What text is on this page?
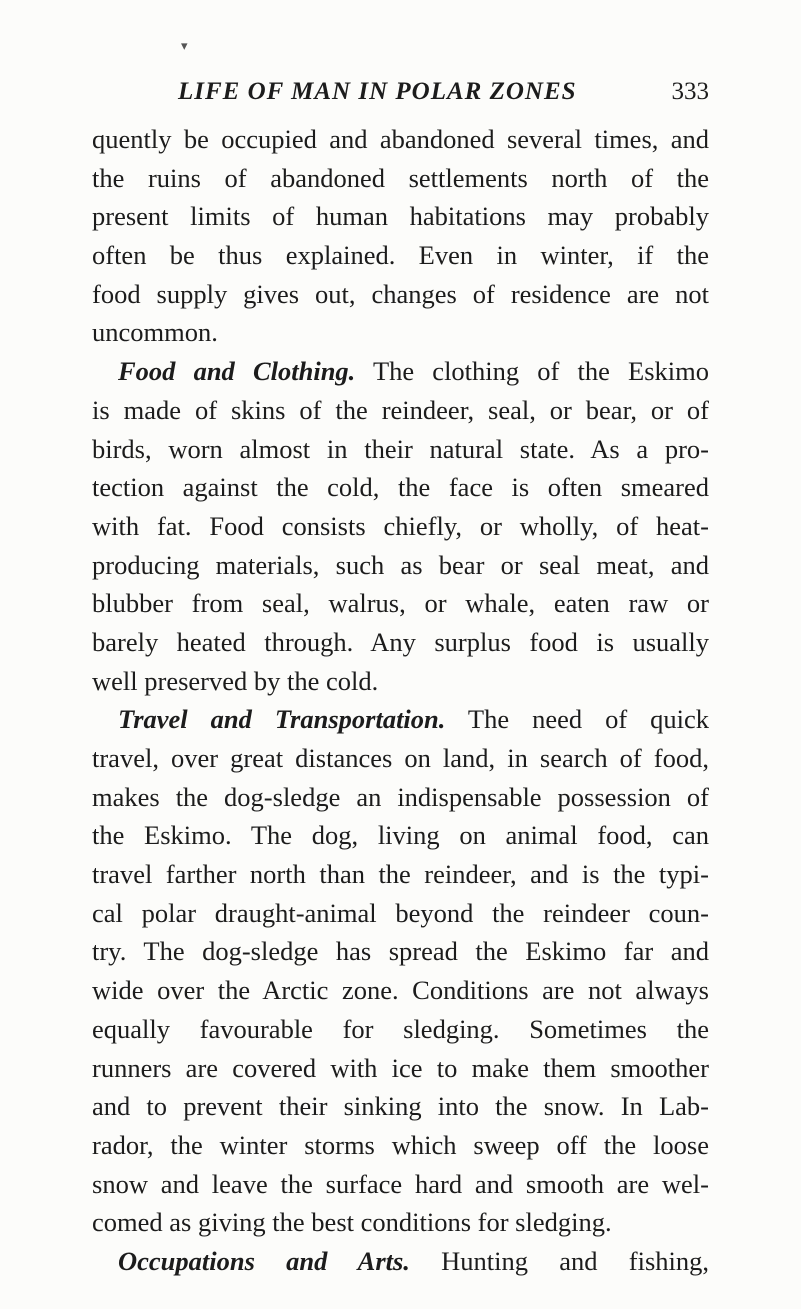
▾
LIFE OF MAN IN POLAR ZONES	333
quently be occupied and abandoned several times, and
the ruins of abandoned settlements north of the
present limits of human habitations may probably
often be thus explained. Even in winter, if the
food supply gives out, changes of residence are not
uncommon.
Food and Clothing. The clothing of the Eskimo
is made of skins of the reindeer, seal, or bear, or of
birds, worn almost in their natural state. As a pro-
tection against the cold, the face is often smeared
with fat. Food consists chiefly, or wholly, of heat-
producing materials, such as bear or seal meat, and
blubber from seal, walrus, or whale, eaten raw or
barely heated through. Any surplus food is usually
well preserved by the cold.
Travel and Transportation. The need of quick
travel, over great distances on land, in search of food,
makes the dog-sledge an indispensable possession of
the Eskimo. The dog, living on animal food, can
travel farther north than the reindeer, and is the typi-
cal polar draught-animal beyond the reindeer coun-
try. The dog-sledge has spread the Eskimo far and
wide over the Arctic zone. Conditions are not always
equally favourable for sledging. Sometimes the
runners are covered with ice to make them smoother
and to prevent their sinking into the snow. In Lab-
rador, the winter storms which sweep off the loose
snow and leave the surface hard and smooth are wel-
comed as giving the best conditions for sledging.
Occupations and Arts. Hunting and fishing,
